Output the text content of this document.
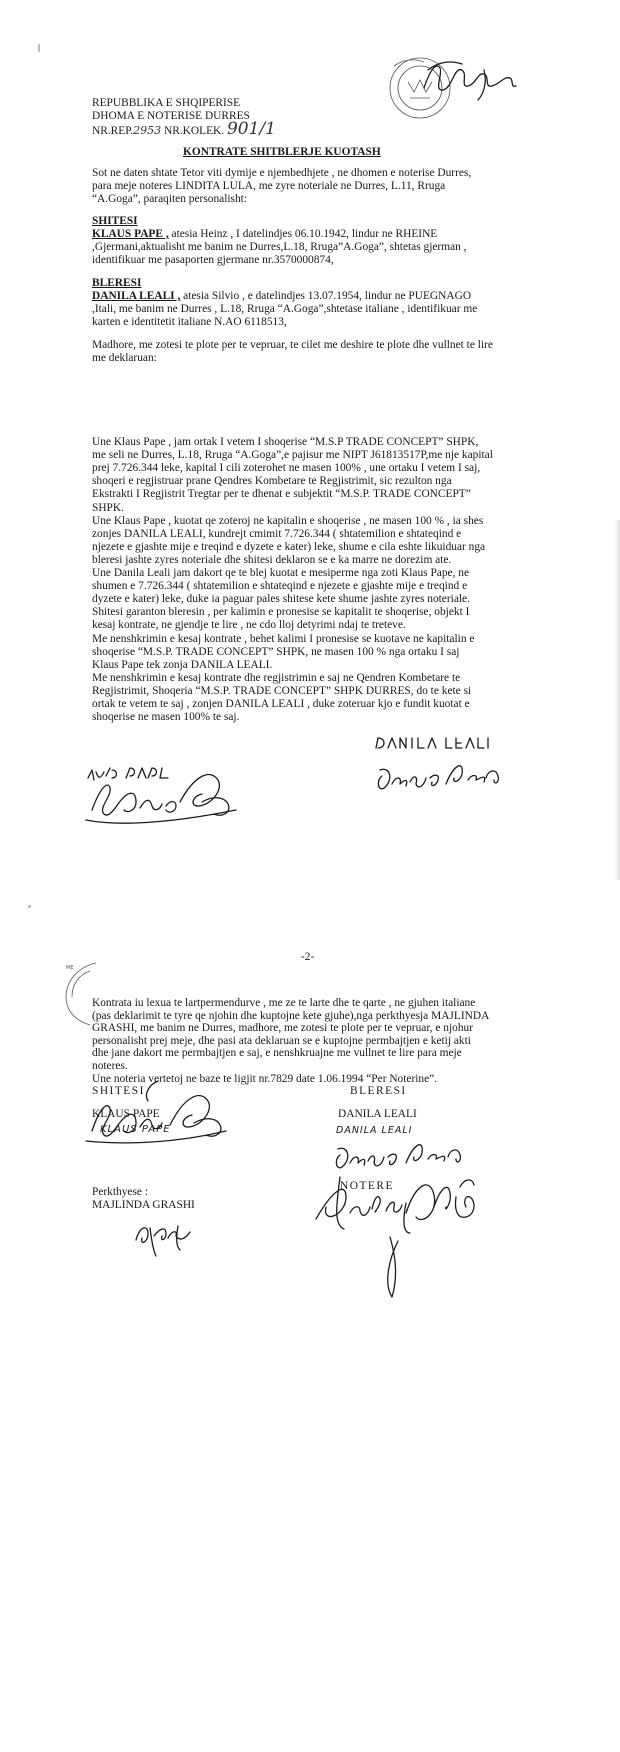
REPUBBLIKA E SHQIPERISE
DHOMA E NOTERISE DURRES
NR.REP.2953 NR.KOLEK. 901/1
KONTRATE SHITBLERJE KUOTASH
Sot ne daten shtate Tetor viti dymije e njembedhjete , ne dhomen e noterise Durres,
para meje noteres LINDITA LULA, me zyre noteriale ne Durres, L.11, Rruga
“A.Goga”, paraqiten personalisht:
SHITESI
KLAUS PAPE , atesia Heinz , I datelindjes 06.10.1942, lindur ne RHEINE
,Gjermani,aktualisht me banim ne Durres,L.18, Rruga”A.Goga”, shtetas gjerman ,
identifikuar me pasaporten gjermane nr.3570000874,
BLERESI
DANILA LEALI , atesia Silvio , e datelindjes 13.07.1954, lindur ne PUEGNAGO
,Itali, me banim ne Durres , L.18, Rruga “A.Goga”,shtetase italiane , identifikuar me
karten e identitetit italiane N.AO 6118513,
Madhore, me zotesi te plote per te vepruar, te cilet me deshire te plote dhe vullnet te lire
me deklaruan:
Une Klaus Pape , jam ortak I vetem I shoqerise “M.S.P TRADE CONCEPT” SHPK,
me seli ne Durres, L.18, Rruga “A.Goga”,e pajisur me NIPT J61813517P,me nje kapital
prej 7.726.344 leke, kapital I cili zoterohet ne masen 100% , une ortaku I vetem I saj,
shoqeri e regjistruar prane Qendres Kombetare te Regjistrimit, sic rezulton nga
Ekstrakti I Regjistrit Tregtar per te dhenat e subjektit “M.S.P. TRADE CONCEPT”
SHPK.
Une Klaus Pape , kuotat qe zoteroj ne kapitalin e shoqerise , ne masen 100 % , ia shes
zonjes DANILA LEALI, kundrejt cmimit 7.726.344 ( shtatemilion e shtateqind e
njezete e gjashte mije e treqind e dyzete e kater) leke, shume e cila eshte likuiduar nga
bleresi jashte zyres noteriale dhe shitesi deklaron se e ka marre ne dorezim ate.
Une Danila Leali jam dakort qe te blej kuotat e mesiperme nga zoti Klaus Pape, ne
shumen e 7.726.344 ( shtatemilion e shtateqind e njezete e gjashte mije e treqind e
dyzete e kater) leke, duke ia paguar pales shitese kete shume jashte zyres noteriale.
Shitesi garanton bleresin , per kalimin e pronesise se kapitalit te shoqerise, objekt I
kesaj kontrate, ne gjendje te lire , ne cdo lloj detyrimi ndaj te treteve.
Me nenshkrimin e kesaj kontrate , behet kalimi I pronesise se kuotave ne kapitalin e
shoqerise “M.S.P. TRADE CONCEPT” SHPK, ne masen 100 % nga ortaku I saj
Klaus Pape tek zonja DANILA LEALI.
Me nenshkrimin e kesaj kontrate dhe regjistrimin e saj ne Qendren Kombetare te
Regjistrimit, Shoqeria “M.S.P. TRADE CONCEPT” SHPK DURRES, do te kete si
ortak te vetem te saj , zonjen DANILA LEALI , duke zoteruar kjo e fundit kuotat e
shoqerise ne masen 100% te saj.
-2-
ME
Kontrata iu lexua te lartpermendurve , me ze te larte dhe te qarte , ne gjuhen italiane
(pas deklarimit te tyre qe njohin dhe kuptojne kete gjuhe),nga perkthyesja MAJLINDA
GRASHI, me banim ne Durres, madhore, me zotesi te plote per te vepruar, e njohur
personalisht prej meje, dhe pasi ata deklaruan se e kuptojne permbajtjen e ketij akti
dhe jane dakort me permbajtjen e saj, e nenshkruajne me vullnet te lire para meje
noteres.
Une noteria vertetoj ne baze te ligjit nr.7829 date 1.06.1994 “Per Noterine”.
SHITESI	BLERESI
KLAUS PAPE	DANILA LEALI
KLAUS PAPE	DANILA LEALI
Perkthyese :
MAJLINDA GRASHI
NOTERE
